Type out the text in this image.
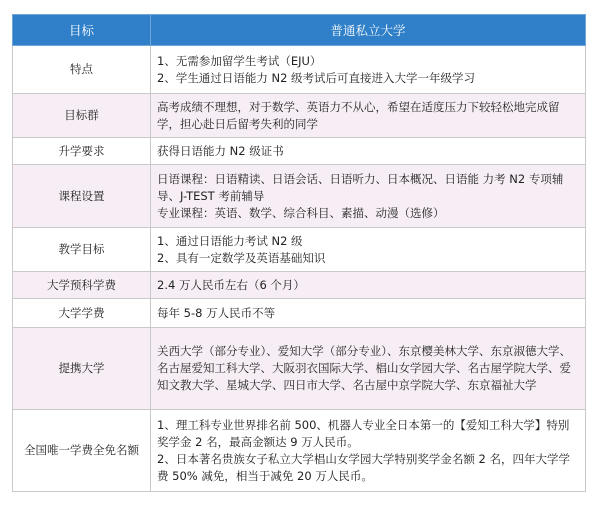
目标	普通私立大学
特点	1、无需参加留学生考试（EJU）
2、学生通过日语能力 N2 级考试后可直接进入大学一年级学习

目标群	高考成绩不理想，对于数学、英语力不从心，希望在适度压力下较轻松地完成留学，担心赴日后留考失利的同学

升学要求	获得日语能力 N2 级证书

课程设置	日语课程：日语精读、日语会话、日语听力、日本概况、日语能 力考 N2 专项辅导、J-TEST 考前辅导
专业课程：英语、数学、综合科目、素描、动漫（选修）

教学目标	1、通过日语能力考试 N2 级
2、具有一定数学及英语基础知识

大学预科学费	2.4 万人民币左右（6 个月）

大学学费	每年 5-8 万人民币不等

提携大学	关西大学（部分专业）、爱知大学（部分专业）、东京樱美林大学、东京淑德大学、名古屋爱知工科大学、大阪羽衣国际大学、椙山女学园大学、名古屋学院大学、爱知文教大学、星城大学、四日市大学、名古屋中京学院大学、东京福祉大学

全国唯一学费全免名额	1、理工科专业世界排名前 500、机器人专业全日本第一的【爱知工科大学】特别奖学金 2 名，最高金额达 9 万人民币。
2、日本著名贵族女子私立大学椙山女学园大学特别奖学金名额 2 名，四年大学学费 50% 减免，相当于减免 20 万人民币。
